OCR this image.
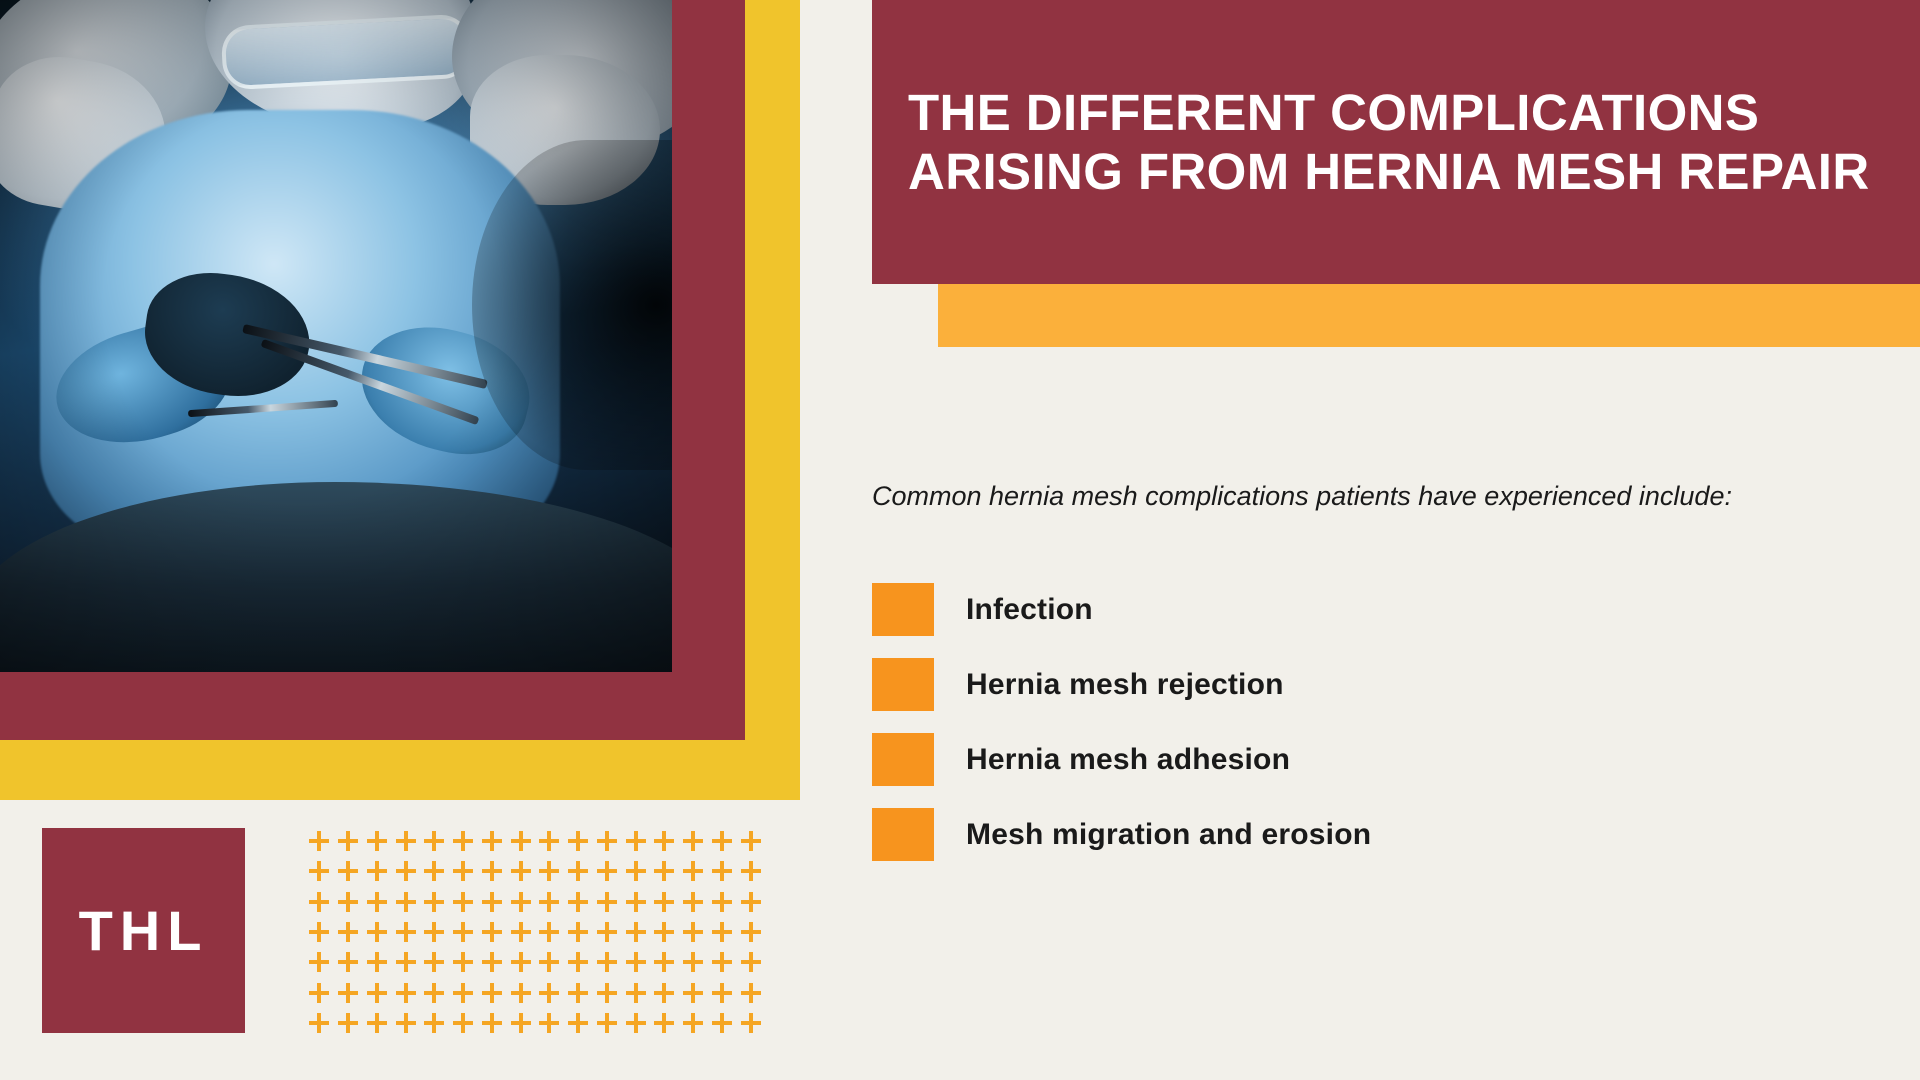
THL
THE DIFFERENT COMPLICATIONS ARISING FROM HERNIA MESH REPAIR

Common hernia mesh complications patients have experienced include:

Infection
Hernia mesh rejection
Hernia mesh adhesion
Mesh migration and erosion
